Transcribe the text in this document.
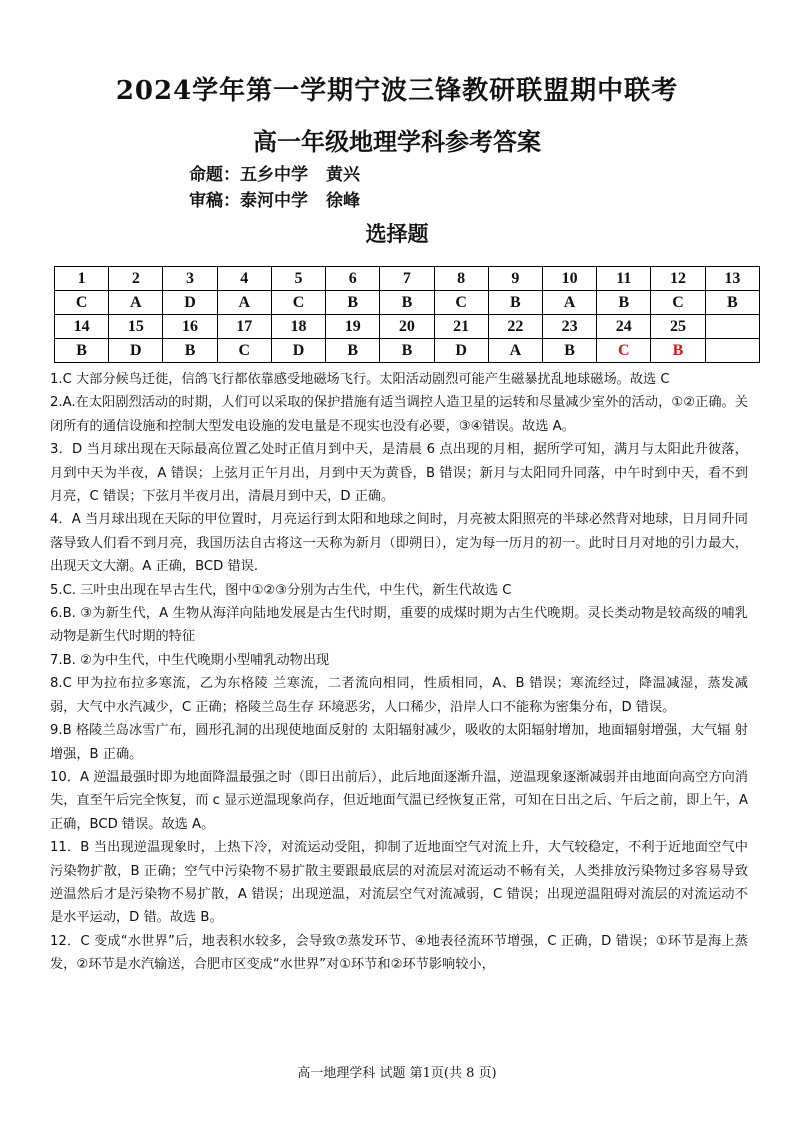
2024学年第一学期宁波三锋教研联盟期中联考
高一年级地理学科参考答案
命题：五乡中学 黄兴
审稿：泰河中学 徐峰
选择题
1	2	3	4	5	6	7	8	9	10	11	12	13
C	A	D	A	C	B	B	C	B	A	B	C	B
14	15	16	17	18	19	20	21	22	23	24	25	
B	D	B	C	D	B	B	D	A	B	C	B	

1.C 大部分候鸟迁徙，信鸽飞行都依靠感受地磁场飞行。太阳活动剧烈可能产生磁暴扰乱地球磁场。故选 C

2.A.在太阳剧烈活动的时期，人们可以采取的保护措施有适当调控人造卫星的运转和尽量减少室外的活动，①②正确。关闭所有的通信设施和控制大型发电设施的发电量是不现实也没有必要，③④错误。故选 A。

3．D 当月球出现在天际最高位置乙处时正值月到中天，是清晨 6 点出现的月相，据所学可知，满月与太阳此升彼落，月到中天为半夜，A 错误；上弦月正午月出，月到中天为黄昏，B 错误；新月与太阳同升同落，中午时到中天，看不到月亮，C 错误；下弦月半夜月出，清晨月到中天，D 正确。

4．A 当月球出现在天际的甲位置时，月亮运行到太阳和地球之间时，月亮被太阳照亮的半球必然背对地球，日月同升同落导致人们看不到月亮，我国历法自古将这一天称为新月（即朔日），定为每一历月的初一。此时日月对地的引力最大，出现天文大潮。A 正确，BCD 错误.

5.C. 三叶虫出现在早古生代，图中①②③分别为古生代，中生代，新生代故选 C

6.B. ③为新生代，A 生物从海洋向陆地发展是古生代时期，重要的成煤时期为古生代晚期。灵长类动物是较高级的哺乳动物是新生代时期的特征

7.B. ②为中生代，中生代晚期小型哺乳动物出现

8.C 甲为拉布拉多寒流，乙为东格陵 兰寒流，二者流向相同，性质相同，A、B 错误；寒流经过，降温减湿，蒸发减弱，大气中水汽减少，C 正确；格陵兰岛生存 环境恶劣，人口稀少，沿岸人口不能称为密集分布，D 错误。

9.B 格陵兰岛冰雪广布，圆形孔洞的出现使地面反射的 太阳辐射减少，吸收的太阳辐射增加，地面辐射增强，大气辐 射增强，B 正确。

10．A 逆温最强时即为地面降温最强之时（即日出前后），此后地面逐渐升温，逆温现象逐渐减弱并由地面向高空方向消失，直至午后完全恢复，而 c 显示逆温现象尚存，但近地面气温已经恢复正常，可知在日出之后、午后之前，即上午，A 正确，BCD 错误。故选 A。

11．B 当出现逆温现象时，上热下冷，对流运动受阻，抑制了近地面空气对流上升，大气较稳定，不利于近地面空气中污染物扩散，B 正确；空气中污染物不易扩散主要跟最底层的对流层对流运动不畅有关，人类排放污染物过多容易导致逆温然后才是污染物不易扩散，A 错误；出现逆温，对流层空气对流减弱，C 错误；出现逆温阻碍对流层的对流运动不是水平运动，D 错。故选 B。

12．C 变成“水世界”后，地表积水较多，会导致⑦蒸发环节、④地表径流环节增强，C 正确，D 错误；①环节是海上蒸发，②环节是水汽输送，合肥市区变成“水世界”对①环节和②环节影响较小，

高一地理学科 试题 第1页(共 8 页)
